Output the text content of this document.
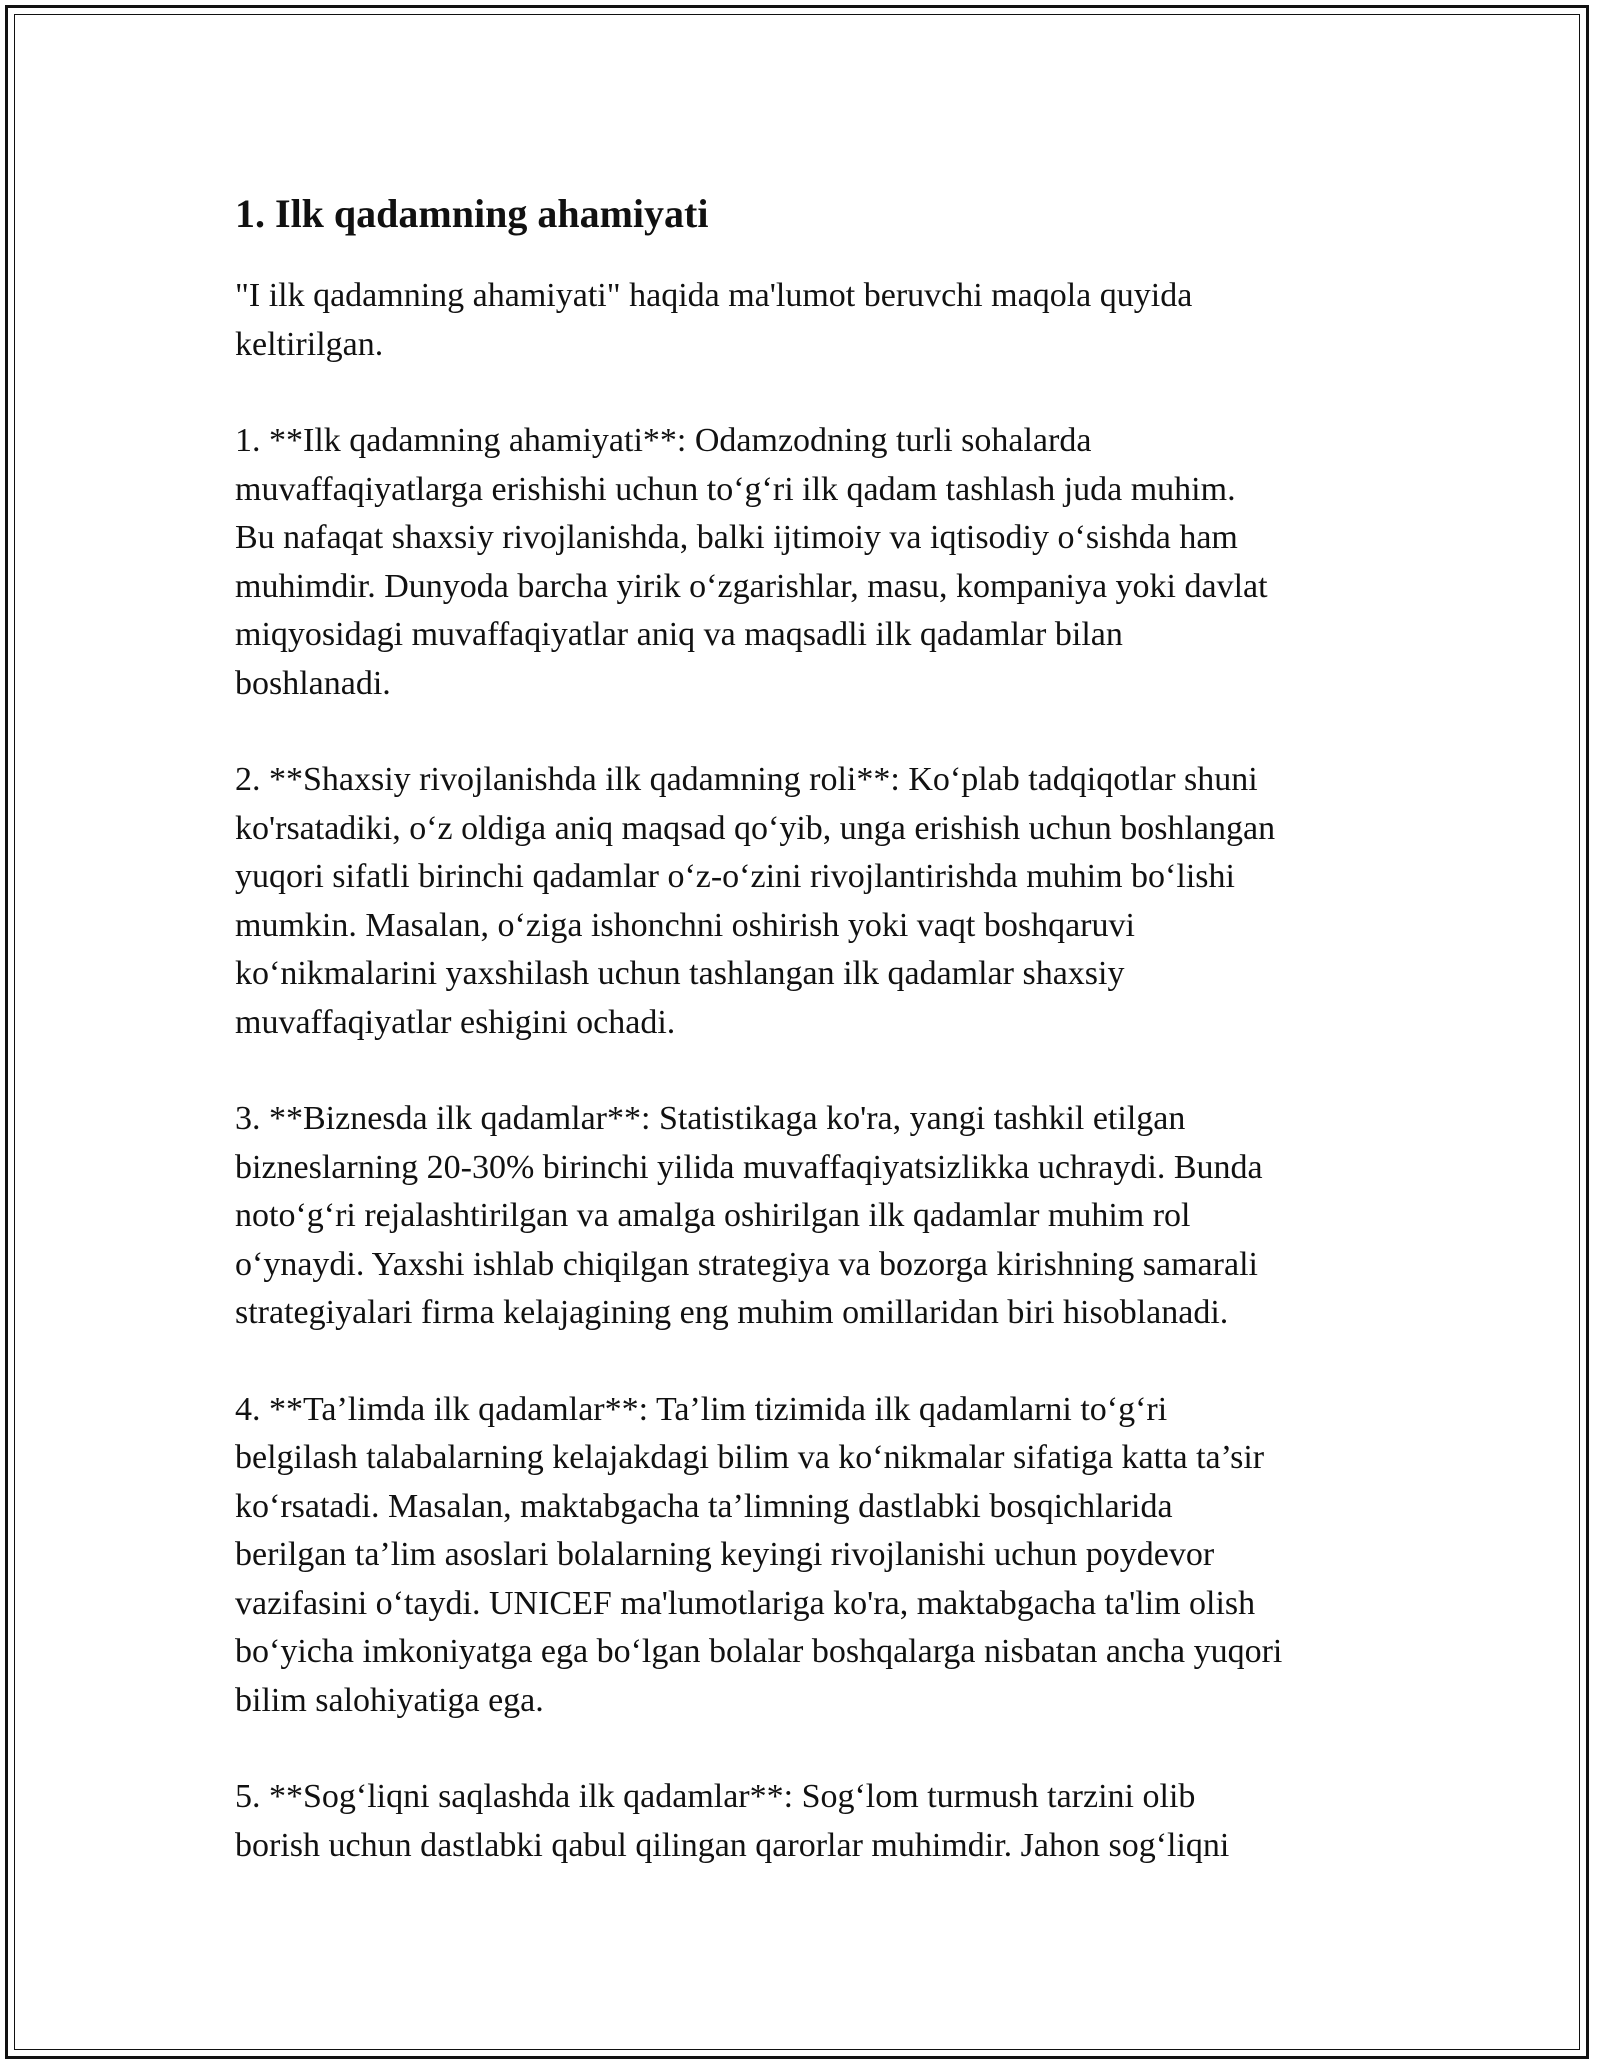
1. Ilk qadamning ahamiyati

"I ilk qadamning ahamiyati" haqida ma'lumot beruvchi maqola quyida
keltirilgan.

1. **Ilk qadamning ahamiyati**: Odamzodning turli sohalarda
muvaffaqiyatlarga erishishi uchun to‘g‘ri ilk qadam tashlash juda muhim.
Bu nafaqat shaxsiy rivojlanishda, balki ijtimoiy va iqtisodiy o‘sishda ham
muhimdir. Dunyoda barcha yirik o‘zgarishlar, masu, kompaniya yoki davlat
miqyosidagi muvaffaqiyatlar aniq va maqsadli ilk qadamlar bilan
boshlanadi.

2. **Shaxsiy rivojlanishda ilk qadamning roli**: Ko‘plab tadqiqotlar shuni
ko'rsatadiki, o‘z oldiga aniq maqsad qo‘yib, unga erishish uchun boshlangan
yuqori sifatli birinchi qadamlar o‘z-o‘zini rivojlantirishda muhim bo‘lishi
mumkin. Masalan, o‘ziga ishonchni oshirish yoki vaqt boshqaruvi
ko‘nikmalarini yaxshilash uchun tashlangan ilk qadamlar shaxsiy
muvaffaqiyatlar eshigini ochadi.

3. **Biznesda ilk qadamlar**: Statistikaga ko'ra, yangi tashkil etilgan
bizneslarning 20-30% birinchi yilida muvaffaqiyatsizlikka uchraydi. Bunda
noto‘g‘ri rejalashtirilgan va amalga oshirilgan ilk qadamlar muhim rol
o‘ynaydi. Yaxshi ishlab chiqilgan strategiya va bozorga kirishning samarali
strategiyalari firma kelajagining eng muhim omillaridan biri hisoblanadi.

4. **Ta’limda ilk qadamlar**: Ta’lim tizimida ilk qadamlarni to‘g‘ri
belgilash talabalarning kelajakdagi bilim va ko‘nikmalar sifatiga katta ta’sir
ko‘rsatadi. Masalan, maktabgacha ta’limning dastlabki bosqichlarida
berilgan ta’lim asoslari bolalarning keyingi rivojlanishi uchun poydevor
vazifasini o‘taydi. UNICEF ma'lumotlariga ko'ra, maktabgacha ta'lim olish
bo‘yicha imkoniyatga ega bo‘lgan bolalar boshqalarga nisbatan ancha yuqori
bilim salohiyatiga ega.

5. **Sog‘liqni saqlashda ilk qadamlar**: Sog‘lom turmush tarzini olib
borish uchun dastlabki qabul qilingan qarorlar muhimdir. Jahon sog‘liqni
